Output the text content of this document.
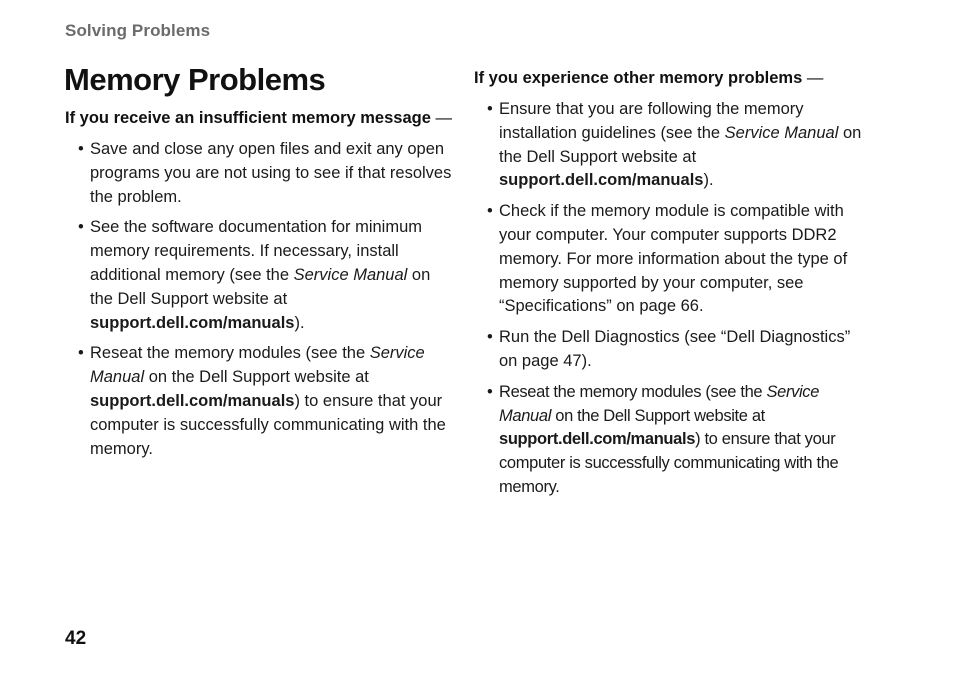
Solving Problems
Memory Problems

If you receive an insufficient memory message —

• Save and close any open files and exit any open programs you are not using to see if that resolves the problem.
• See the software documentation for minimum memory requirements. If necessary, install additional memory (see the Service Manual on the Dell Support website at support.dell.com/manuals).
• Reseat the memory modules (see the Service Manual on the Dell Support website at support.dell.com/manuals) to ensure that your computer is successfully communicating with the memory.

If you experience other memory problems —

• Ensure that you are following the memory installation guidelines (see the Service Manual on the Dell Support website at support.dell.com/manuals).
• Check if the memory module is compatible with your computer. Your computer supports DDR2 memory. For more information about the type of memory supported by your computer, see “Specifications” on page 66.
• Run the Dell Diagnostics (see “Dell Diagnostics” on page 47).
• Reseat the memory modules (see the Service Manual on the Dell Support website at support.dell.com/manuals) to ensure that your computer is successfully communicating with the memory.
42
